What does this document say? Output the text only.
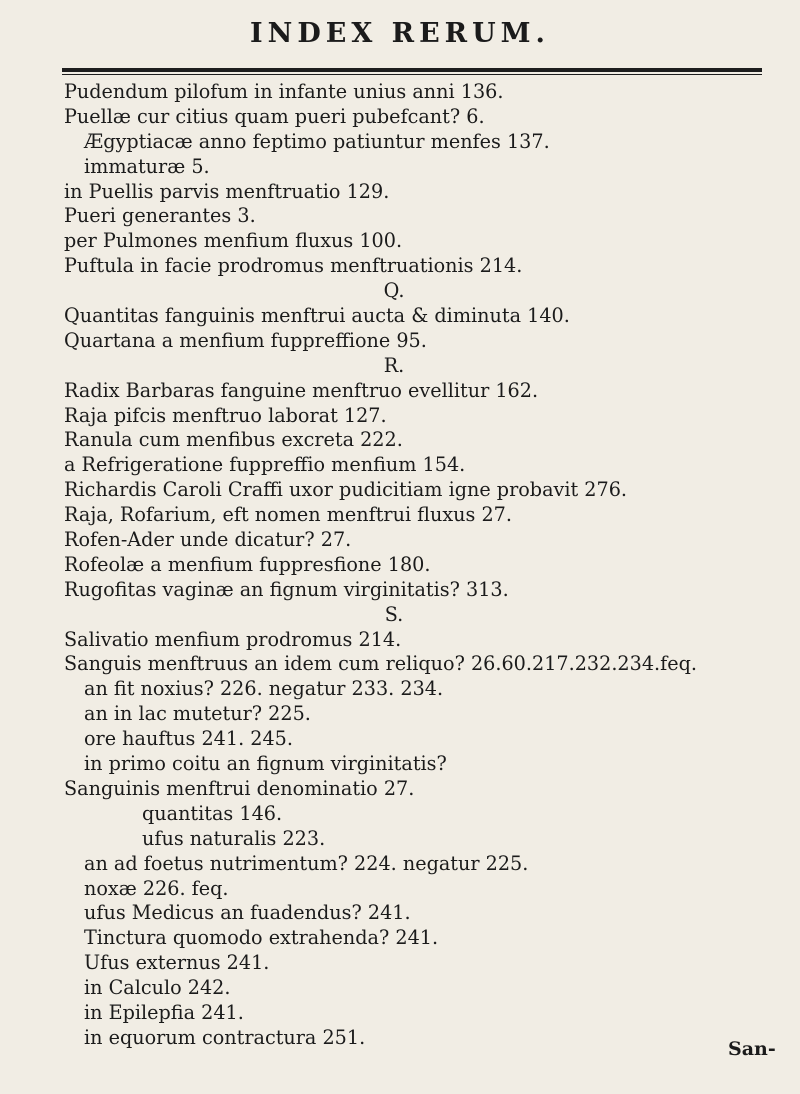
INDEX RERUM.
Pudendum pilofum in infante unius anni 136.
Puellæ cur citius quam pueri pubefcant? 6.
Ægyptiacæ anno feptimo patiuntur menfes 137.
immaturæ 5.
in Puellis parvis menftruatio 129.
Pueri generantes 3.
per Pulmones menfium fluxus 100.
Puftula in facie prodromus menftruationis 214.
Q.
Quantitas fanguinis menftrui aucta & diminuta 140.
Quartana a menfium fuppreffione 95.
R.
Radix Barbaras fanguine menftruo evellitur 162.
Raja pifcis menftruo laborat 127.
Ranula cum menfibus excreta 222.
a Refrigeratione fuppreffio menfium 154.
Richardis Caroli Craffi uxor pudicitiam igne probavit 276.
Raja, Rofarium, eft nomen menftrui fluxus 27.
Rofen-Ader unde dicatur? 27.
Rofeolæ a menfium fuppresfione 180.
Rugofitas vaginæ an fignum virginitatis? 313.
S.
Salivatio menfium prodromus 214.
Sanguis menftruus an idem cum reliquo? 26.60.217.232.234.feq.
an fit noxius? 226. negatur 233. 234.
an in lac mutetur? 225.
ore hauftus 241. 245.
in primo coitu an fignum virginitatis?
Sanguinis menftrui denominatio 27.
quantitas 146.
ufus naturalis 223.
an ad foetus nutrimentum? 224. negatur 225.
noxæ 226. feq.
ufus Medicus an fuadendus? 241.
Tinctura quomodo extrahenda? 241.
Ufus externus 241.
in Calculo 242.
in Epilepfia 241.
in equorum contractura 251.
San-
